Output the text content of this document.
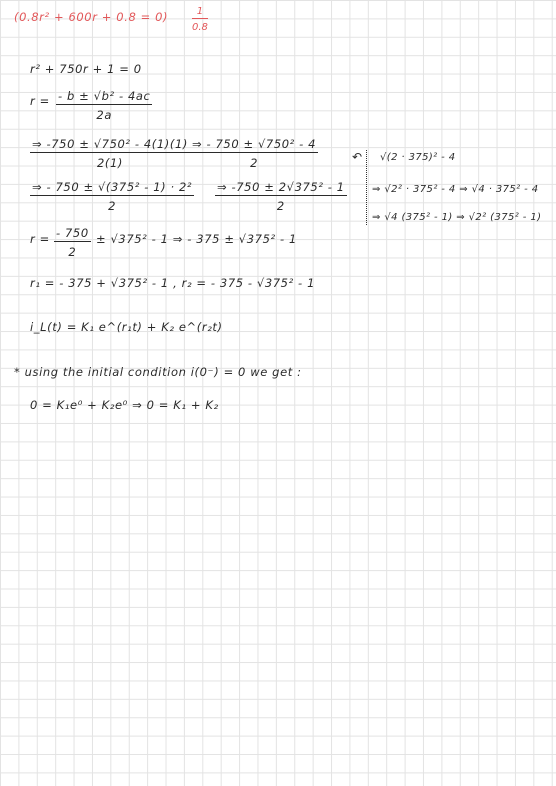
$(0.8r^2 + 600r + 0.8 = 0) \frac{1}{0.8}$
r² + 750r + 1 = 0
$r = \frac{\text{- b ± √b² - 4ac}}{2a}$
$\frac{\text{⇒ -750 ± √750² - 4(1)(1)}}{2(1)} \frac{\text{⇒ - 750 ± √750² - 4}}{2}$	↶ √(2 · 375)² - 4
$\frac{\text{⇒ - 750 ± √(375² - 1) · 2²}}{2} \frac{\text{⇒ -750 ± 2√375² - 1}}{2}$	⇒ √2² · 375² - 4 ⇒ √4 · 375² - 4
⇒ √4 (375² - 1) ⇒ √2² (375² - 1)
$r = \frac{- 750}{2} \pm √375^2 - 1$ ⇒ - 375 ± √375² - 1
r₁ = - 375 + √375² - 1 , r₂ = - 375 - √375² - 1
i_L(t) = K₁ e^(r₁t) + K₂ e^(r₂t)
* using the initial condition i(0⁻) = 0 we get :
0 = K₁e⁰ + K₂e⁰ ⇒ 0 = K₁ + K₂
